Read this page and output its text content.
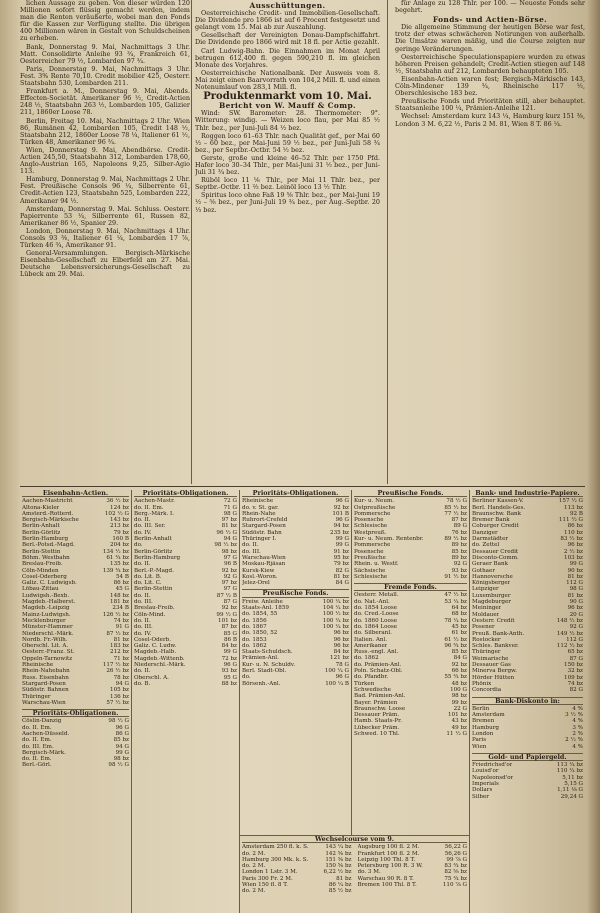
lichen Aussage zu geben. Von dieser würden 120 Millionen sofort flüssig gemacht werden, indem man die Renten veräußerte, wobei man den Fonds für die Kassen zur Verfügung stellte. Die übrigen 400 Millionen wären in Gestalt von Schuldscheinen zu erheben.

Bank, Donnerstag 9. Mai, Nachmittags 3 Uhr. Matt. Consolidirte Anleihe 93 ¾, Frankreich 61, Oesterreicher 79 ½, Lombarden 97 ¾.

Paris, Donnerstag 9. Mai, Nachmittags 3 Uhr. Fest. 3% Rente 70,10. Credit mobilier 425, Oesterr. Staatsbahn 530, Lombarden 211.

Frankfurt a. M., Donnerstag 9. Mai, Abends. Effecten-Societät. Amerikaner 96 ½, Credit-Actien 248 ½, Staatsbahn 263 ½, Lombarden 105, Galizier 211, 1860er Loose 78.

Berlin, Freitag 10. Mai, Nachmittags 2 Uhr. Wien 86, Rumänen 42, Lombarden 105, Credit 148 ½, Staatsbahn 212, 1860er Loose 78 ¼, Italiener 61 ½, Türken 48, Amerikaner 96 ¾.

Wien, Donnerstag 9. Mai, Abendbörse. Credit-Actien 245,50, Staatsbahn 312, Lombarden 178,60, Anglo-Austrian 165, Napoleons 9,25, Silber-Agio 113.

Hamburg, Donnerstag 9. Mai, Nachmittags 2 Uhr. Fest. Preußische Consols 96 ¼, Silberrente 61, Credit-Actien 123, Staatsbahn 525, Lombarden 222, Amerikaner 94 ½.

Amsterdam, Donnerstag 9. Mai. Schluss. Oesterr. Papierrente 53 ¼, Silberrente 61, Russen 82, Amerikaner 86 ½, Spanier 29.

London, Donnerstag 9. Mai, Nachmittags 4 Uhr. Consols 93 ⅜, Italiener 61 ¼, Lombarden 17 ⅞, Türken 46 ¾, Amerikaner 91.

General-Versammlungen. Bergisch-Märkische Eisenbahn-Gesellschaft zu Elberfeld am 27. Mai. Deutsche Lebensversicherungs-Gesellschaft zu Lübeck am 29. Mai.

Ausschüttungen.

Oesterreichische Credit- und Immobilien-Gesellschaft. Die Dividende pro 1866 ist auf 6 Procent festgesetzt und gelangt vom 15. Mai ab zur Auszahlung.

Gesellschaft der Vereinigten Donau-Dampfschiffahrt. Die Dividende pro 1866 wird mit 18 fl. per Actie gezahlt.

Carl Ludwig-Bahn. Die Einnahmen im Monat April betrugen 612,400 fl. gegen 590,210 fl. im gleichen Monate des Vorjahres.

Oesterreichische Nationalbank. Der Ausweis vom 8. Mai zeigt einen Baarvorrath von 104,2 Mill. fl. und einen Notenumlauf von 283,1 Mill. fl.

Produktenmarkt vom 10. Mai.
Bericht von W. Mauff & Comp.

Wind: SW. Barometer: 28. Thermometer: 9°. Witterung: windig. — Weizen loco flau, per Mai 85 ½ Thlr. bez., per Juni-Juli 84 ½ bez.

Roggen loco 61–63 Thlr. nach Qualität gef., per Mai 60 ½ – 60 bez., per Mai-Juni 59 ½ bez., per Juni-Juli 58 ¾ bez., per Septbr.-Octbr. 54 ½ bez.

Gerste, große und kleine 46–52 Thlr. per 1750 Pfd. Hafer loco 30–34 Thlr., per Mai-Juni 31 ½ bez., per Juni-Juli 31 ¾ bez.

Rüböl loco 11 ⅙ Thlr., per Mai 11 Thlr. bez., per Septbr.-Octbr. 11 ⅔ bez. Leinöl loco 13 ½ Thlr.

Spiritus loco ohne Faß 19 ⅝ Thlr. bez., per Mai-Juni 19 ½ – ⅝ bez., per Juni-Juli 19 ¾ bez., per Aug.-Septbr. 20 ⅓ bez.

für Anlage zu 128 Thlr. per 100. — Neueste Fonds sehr begehrt.

Fonds- und Actien-Börse.

Die allgemeine Stimmung der heutigen Börse war fest, trotz der etwas schwächeren Notirungen von außerhalb. Die Umsätze waren mäßig, und die Course zeigten nur geringe Veränderungen.

Oesterreichische Speculationspapiere wurden zu etwas höheren Preisen gehandelt; Credit-Actien stiegen auf 148 ½, Staatsbahn auf 212, Lombarden behaupteten 105.

Eisenbahn-Actien waren fest; Bergisch-Märkische 143, Cöln-Mindener 139 ¾, Rheinische 117 ½, Oberschlesische 183 bez.

Preußische Fonds und Prioritäten still, aber behauptet. Staatsanleihe 100 ¼, Prämien-Anleihe 121.

Wechsel: Amsterdam kurz 143 ¼, Hamburg kurz 151 ⅜, London 3 M. 6,22 ½, Paris 2 M. 81, Wien 8 T. 86 ¼.

Eisenbahn-Actien.
Aachen-Mastricht	36 ½ bz
Altona-Kieler	124 bz
Amsterd.-Rotterd.	102 ½ G
Bergisch-Märkische	143 bz
Berlin-Anhalt	213 bz
Berlin-Görlitz	79 bz
Berlin-Hamburg	160 B
Berl.-Potsd.-Magd.	204 bz
Berlin-Stettin	134 ½ bz
Böhm. Westbahn	61 ¾ bz
Breslau-Freib.	135 bz
Cöln-Minden	139 ¾ bz
Cosel-Oderberg	54 B
Galiz. C. Ludwigsb.	86 bz
Löbau-Zittau	45 G
Ludwigsh.-Bexb.	148 bz
Magdeb.-Halberst.	181 bz
Magdeb.-Leipzig	234 B
Mainz-Ludwigsh.	126 ½ bz
Mecklenburger	74 bz
Münster-Hammer	91 G
Niederschl.-Märk.	87 ½ bz
Nordb. Fr.-Wilh.	81 bz
Oberschl. Lit. A.	183 bz
Oesterr.-Franz. St.	212 bz
Oppeln-Tarnowitz	71 bz
Rheinische	117 ½ bz
Rhein-Nahebahn	26 ½ bz
Russ. Eisenbahn	78 bz
Stargard-Posen	94 G
Südöstr. Bahnen	105 bz
Thüringer	136 bz
Warschau-Wien	57 ½ bz
Prioritäts-Obligationen.
Cöslin-Danzig	98 ½ G
do. II. Em.	96 G
Aachen-Düsseld.	86 G
do. II. Em.	85 bz
do. III. Em.	94 G
Bergisch-Märk.	99 G
do. II. Em.	98 bz
Berl.-Görl.	98 ½ G
Prioritäts-Obligationen.
Aachen-Mastr.	72 G
do. II. Em.	71 G
Berg.-Märk. I.	98 G
do. II.	97 bz
do. III. Ser.	81 bz
do. IV.	96 ½ G
Berlin-Anhalt	94 G
do.	98 ½ bz
Berlin-Görlitz	98 bz
Berlin-Hamburg	97 G
do. II.	96 B
Berl.-P.-Magd.	92 bz
do. Lit. B.	92 G
do. Lit. C.	97 bz
Berlin-Stettin	97 G
do. II.	87 ½ B
do. III.	87 G
Breslau-Freib.	92 bz
Cöln-Mind.	99 ½ G
do. II.	101 bz
do. III.	87 bz
do. IV.	85 G
Cosel-Oderb.	86 B
Galiz. C. Ludw.	84 bz
Magdeb.-Halb.	99 G
Magdeb.-Wittenb.	72 bz
Niederschl.-Märk.	96 G
do. II.	93 bz
Oberschl. A.	95 G
do. B.	88 bz
Prioritäts-Obligationen.
Rheinische	96 G
do. v. St. gar.	92 bz
Rhein-Nahe	101 B
Ruhrort-Crefeld	96 G
Stargard-Posen	94 bz
Südöstr. Bahn	235 bz
Thüringer I.	99 G
do. II.	99 G
do. III.	91 bz
Warschau-Wien	95 bz
Moskau-Rjäsan	79 bz
Kursk-Kiew	82 G
Kosl.-Woron.	81 bz
Jelez-Orel	84 G
Preußische Fonds.
Freiw. Anleihe	100 ¼ bz
Staats-Anl. 1859	104 ¼ bz
do. 1854, 55	100 ½ bz
do. 1856	100 ¼ bz
do. 1867	100 ¼ bz
do. 1850, 52	96 bz
do. 1853	96 bz
do. 1862	96 bz
Staats-Schuldsch.	84 bz
Prämien-Anl.	121 bz
Kur- u. N. Schuldv.	78 G
Berl. Stadt-Obl.	100 ¼ G
do.	96 G
Börsenh.-Anl.	100 ¼ B
Preußische Fonds.
Kur- u. Neum.	78 ½ G
Ostpreußische	85 ½ bz
Pommersche	77 ½ bz
Posensche	87 bz
Schlesische	89 G
Westpreuß.	76 bz
Kur- u. Neum. Rentenbr.	89 ½ bz
Pommersche	89 bz
Posensche	85 bz
Preußische	89 bz
Rhein. u. Westf.	92 G
Sächsische	93 bz
Schlesische	91 ½ bz
Fremde Fonds.
Oesterr. Metall.	47 ½ bz
do. Nat.-Anl.	53 ¼ bz
do. 1854 Loose	64 bz
do. Cred.-Loose	68 bz
do. 1860 Loose	78 ¼ bz
do. 1864 Loose	45 bz
do. Silberanl.	61 bz
Italien. Anl.	61 ½ bz
Amerikaner	96 ¾ bz
Russ.-engl. Anl.	85 bz
do. 1862	84 G
do. Prämien-Anl.	92 bz
Poln. Schatz-Obl.	66 bz
do. Pfandbr.	55 ¾ bz
Türken	48 bz
Schwedische	100 G
Bad. Prämien-Anl.	98 bz
Bayer. Prämien	99 bz
Braunschw. Loose	22 G
Dessauer Präm.	101 bz
Hamb. Staats-Pr.	43 bz
Lübecker Präm.	49 bz
Schwed. 10 Thl.	11 ½ G
Bank- und Industrie-Papiere.
Berliner Kassen-V.	157 ½ G
Berl. Handels-Ges.	113 bz
Braunschw. Bank	92 B
Bremer Bank	111 ½ G
Coburger Credit	86 bz
Danziger	110 bz
Darmstädter	83 ½ bz
do. Zettel	96 bz
Dessauer Credit	2 ½ bz
Disconto-Comm.	103 bz
Geraer Bank	99 G
Gothaer	90 bz
Hannoversche	81 bz
Königsberger	112 G
Leipziger	98 G
Luxemburger	81 bz
Magdeburger	90 G
Meininger	96 bz
Moldauer	20 G
Oesterr. Credit	148 ½ bz
Posener	92 G
Preuß. Bank-Anth.	149 ½ bz
Rostocker	112 G
Schles. Bankver.	112 ½ bz
Thüringer	65 bz
Weimarische	87 G
Dessauer Gas	150 bz
Minerva Bergw.	32 bz
Hörder Hütten	109 bz
Phönix	74 bz
Concordia	82 G
Bank-Diskonto in:
Berlin	4 %
Amsterdam	3 ½ %
Bremen	4 %
Hamburg	3 %
London	2 %
Paris	2 ½ %
Wien	4 %
Gold- und Papiergeld.
Friedrichsd'or	113 ¼ bz
Louisd'or	110 ¼ bz
Napoleonsd'or	5,11 bz
Imperials	5,15 G
Dollars	1,11 ⅛ G
Silber	29,24 G
Wechselcourse vom 9.
Amsterdam 250 fl. k. S.	143 ¼ bz
do. 2 M.	142 ⅝ bz
Hamburg 300 Mk. k. S.	151 ⅜ bz
do. 2 M.	150 ⅝ bz
London 1 Lstr. 3 M.	6,22 ½ bz
Paris 300 Fr. 2 M.	81 bz
Wien 150 fl. 8 T.	86 ¼ bz
do. 2 M.	85 ½ bz
Augsburg 100 fl. 2 M.	56,22 G
Frankfurt 100 fl. 2 M.	56,26 G
Leipzig 100 Thl. 8 T.	99 ⅞ G
Petersburg 100 R. 3 W.	83 ¾ bz
do. 3 M.	82 ⅝ bz
Warschau 90 R. 8 T.	75 ¾ bz
Bremen 100 Thl. 8 T.	110 ⅞ G
